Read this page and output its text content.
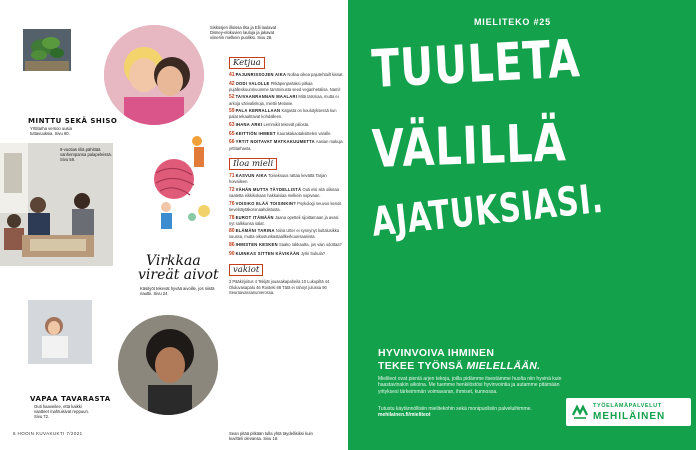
MINTTU SEKÄ SHISO
Yrttitarha versoo uusia tuttavuuksia. Sivu 60.
9-vuotias Iiliä pähittää vanhempansa palapeleissä. Sivu 58.
Siskosjen illoissa Ilsa ja Elli laulavat Disney-elokuvien lauluja ja jakavat viineriin melkein puoliksi. Sivu 28.
Virkkaa
vireät aivot
Käsityöt tekevät hyvää aivoille, jos niistä nauttii. Sivu 24.
VAPAA TAVARASTA
Outi haaveilee, että kaikki vaatteet mahtuisivat reppuun. Sivu 72.
Sean pitää pitkään tulla yhtä täydellisiksi kuin kuvitteli olevansa. Sivu 18.
Ketjua
41PAJUNRISSOJEN AIKA Nollaa oikea pajutehtailt kissat.
42OODI VALOLLE Pitkäpenjantaksi pitkaa pujälleskuunmuumme tamminusta seed veganhetalisa. Nami!
52TAIVAANRANNAN MAALARI Mitä tatsmaa, mutta ei arkoja värivalinkoja, miettii Melanie.
59PALA KERRALLAAN Katjasta on koulutyksessä kun palat tekaahtavat kohdalleen.
63IHANA ARKI Lemmikit tekevät piilosta.
65KEITTIÖN IHMEET Kaurakakaotaksittelen varalle.
66YRTIT NOITAVAT MATKAKUUMETTA Aasian makuja yrttitarhasta.
Iloa mieli
71KASVUN AIKA Toiseksuus rattaa kevättä Tarjan hoivaileen.
72VÄHÄN MUTTA TÄYDELLISTÄ Outi elsi sitä oiikeaa vaatetta eikkikokaan hakkaisiaa melkein sopivaan.
76VOISIKO ELÄÄ TOISINKIN? Psykologi neuvoo kenoit tievelitäytäkoronaahdistusta.
78EUROT ITÄMÄÄN Jaana opetteli sijoittamaan ja avasi nyt salkkunsa salat.
80ELÄMÄNI TARINA Niina Utter ei synnynyt kultalusikka suussa, mutta oikustunkastaallkerkuunsaanista.
86IHMISTEN KESKEN Saako rakkautta, jos vain odottaa?
90KUINKAS SITTEN KÄVIKÄÄN Jyrki Sukula?
vakiot
3 Pääkirjoitus 4 Tekijät jouasakapaheila 10 Lukupiltä 44 Oluluvasapalu 46 Rosteki 88 Tätä ei rahoyt julussa 90 Seuraavassanumerossa.
6 HOOIN KUVAKUKTI 7/2021
MIELITEKO #25
TUULETA
VÄLILLÄ
AJATUKSIASI.
HYVINVOIVA IHMINEN
TEKEE TYÖNSÄ MIELELLÄÄN.
Mielileot ovat pieniä arjen tekoja, joilla pidämme itsestämme huolta niin hyvinä kuin haastavinakin aikoina. Me tuemme henkilöstösi hyvinvointia ja autamme pitämään yrityksesi tärkeimmän voimavaran, ihmiset, kunnossa.
Tutustu käytännöllisiin mielitekohin sekä monipuolisiin palveluihimme. mehilainen.fi/mieliteot
TYÖELÄMÄPALVELUT
MEHILÄINEN
